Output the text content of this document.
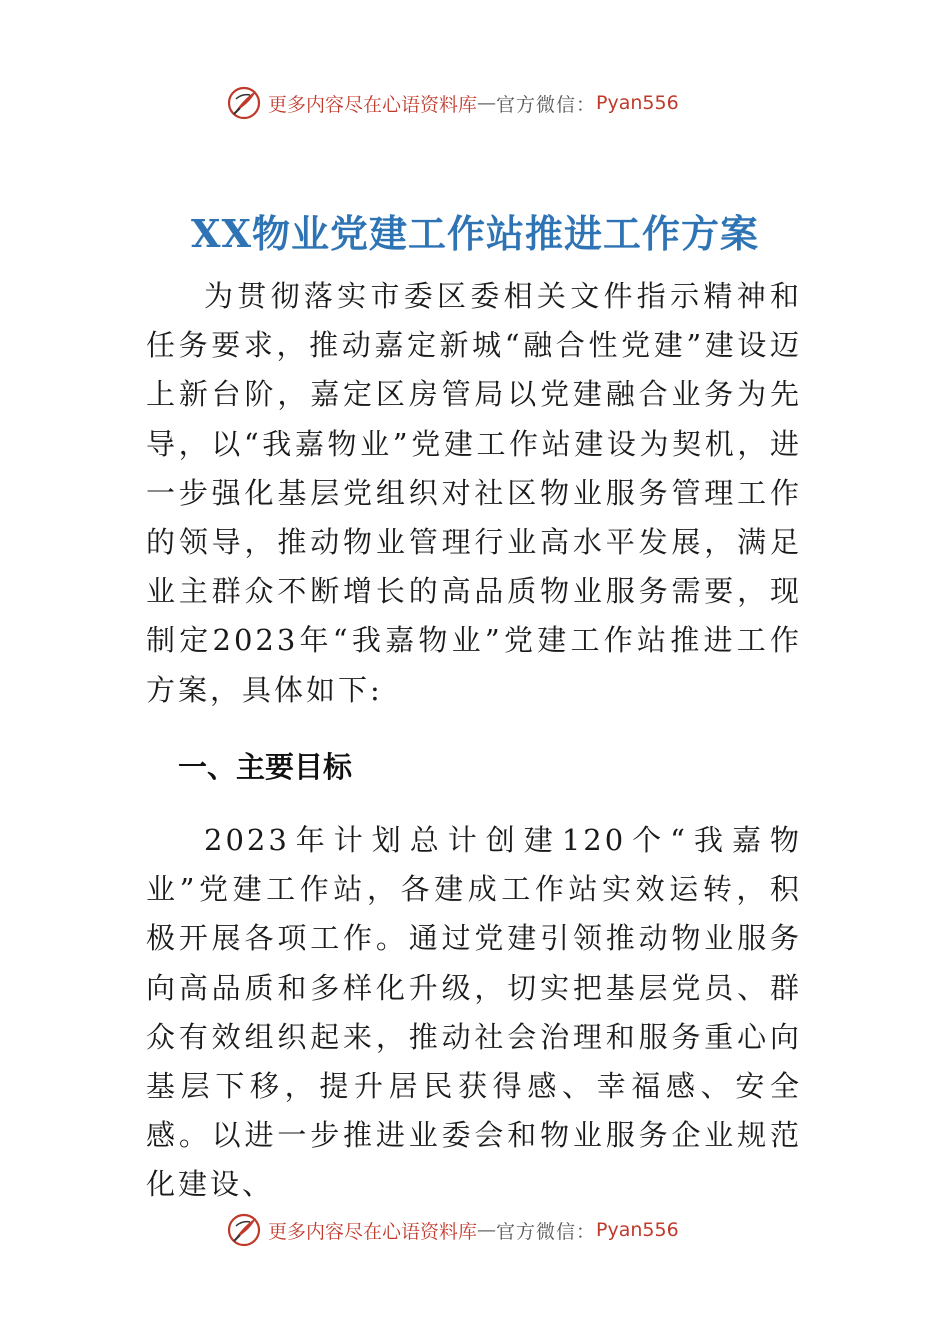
更多内容尽在心语资料库 — 官方微信： Pyan556
XX物业党建工作站推进工作方案

为贯彻落实市委区委相关文件指示精神和任务要求，推动嘉定新城“融合性党建”建设迈上新台阶，嘉定区房管局以党建融合业务为先导，以“我嘉物业”党建工作站建设为契机，进一步强化基层党组织对社区物业服务管理工作的领导，推动物业管理行业高水平发展，满足业主群众不断增长的高品质物业服务需要，现制定2023年“我嘉物业”党建工作站推进工作方案，具体如下:

一、主要目标

2023年计划总计创建120个“我嘉物业”党建工作站，各建成工作站实效运转，积极开展各项工作。通过党建引领推动物业服务向高品质和多样化升级，切实把基层党员、群众有效组织起来，推动社会治理和服务重心向基层下移，提升居民获得感、幸福感、安全感。以进一步推进业委会和物业服务企业规范化建设、

更多内容尽在心语资料库 — 官方微信： Pyan556
